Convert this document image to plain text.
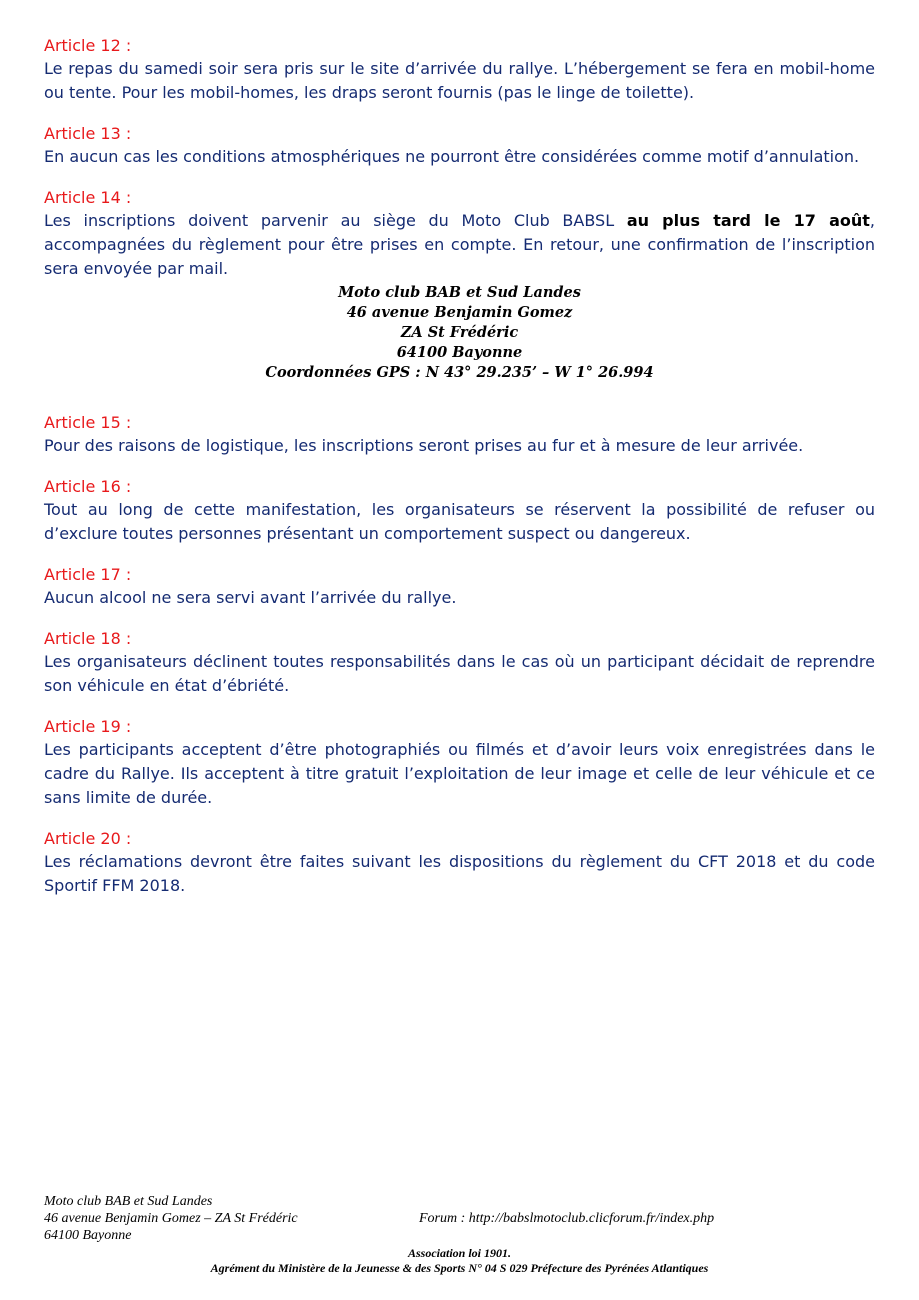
Article 12 :
Le repas du samedi soir sera pris sur le site d’arrivée du rallye. L’hébergement se fera en mobil-home ou tente. Pour les mobil-homes, les draps seront fournis (pas le linge de toilette).
Article 13 :
En aucun cas les conditions atmosphériques ne pourront être considérées comme motif d’annulation.
Article 14 :
Les inscriptions doivent parvenir au siège du Moto Club BABSL au plus tard le 17 août, accompagnées du règlement pour être prises en compte. En retour, une confirmation de l’inscription sera envoyée par mail.
Moto club BAB et Sud Landes
46 avenue Benjamin Gomez
ZA St Frédéric
64100 Bayonne
Coordonnées GPS : N 43° 29.235’ – W 1° 26.994
Article 15 :
Pour des raisons de logistique, les inscriptions seront prises au fur et à mesure de leur arrivée.
Article 16 :
Tout au long de cette manifestation, les organisateurs se réservent la possibilité de refuser ou d’exclure toutes personnes présentant un comportement suspect ou dangereux.
Article 17 :
Aucun alcool ne sera servi avant l’arrivée du rallye.
Article 18 :
Les organisateurs déclinent toutes responsabilités dans le cas où un participant décidait de reprendre son véhicule en état d’ébriété.
Article 19 :
Les participants acceptent d’être photographiés ou filmés et d’avoir leurs voix enregistrées dans le cadre du Rallye. Ils acceptent à titre gratuit l’exploitation de leur image et celle de leur véhicule et ce sans limite de durée.
Article 20 :
Les réclamations devront être faites suivant les dispositions du règlement du CFT 2018 et du code Sportif FFM 2018.
Moto club BAB et Sud Landes
46 avenue Benjamin Gomez – ZA St Frédéric
64100 Bayonne
Forum : http://babslmotoclub.clicforum.fr/index.php
Association loi 1901.
Agrément du Ministère de la Jeunesse & des Sports N° 04 S 029 Préfecture des Pyrénées Atlantiques
